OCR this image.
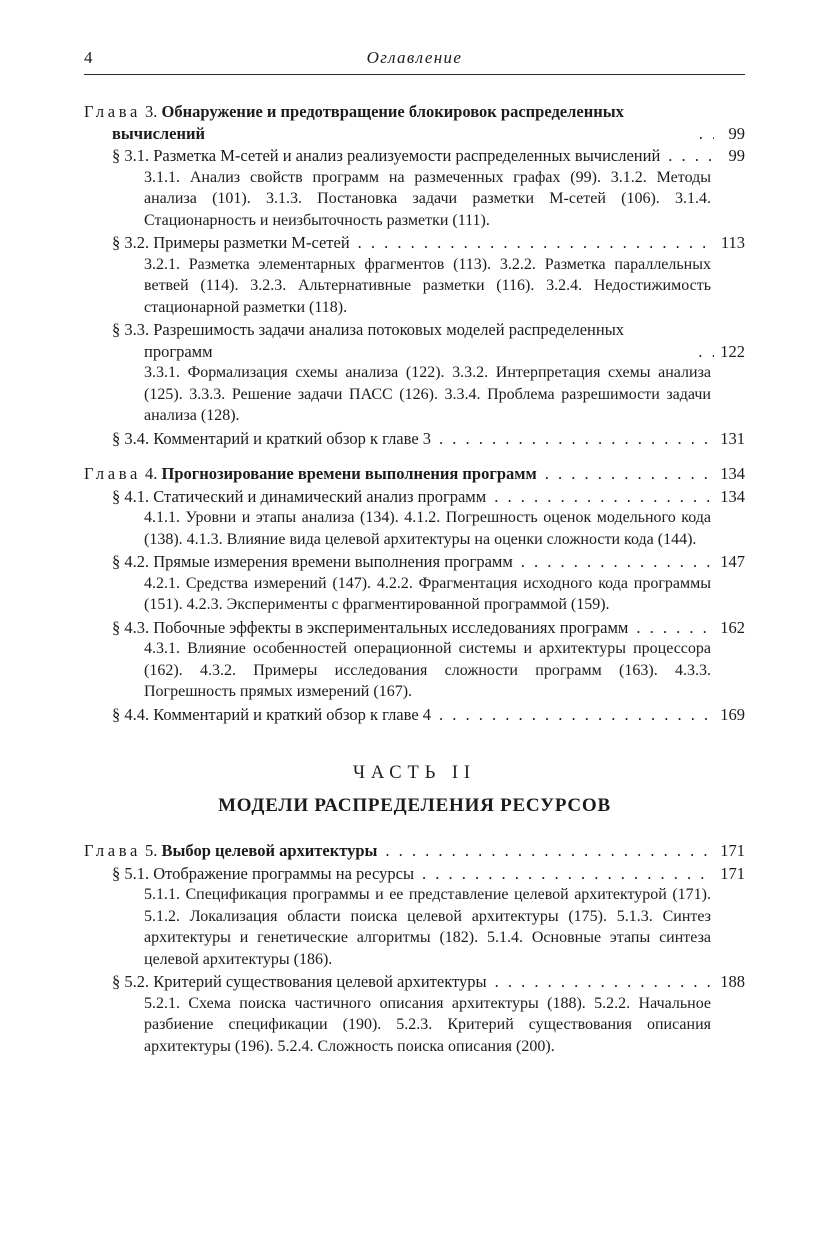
4	Оглавление
Глава 3. Обнаружение и предотвращение блокировок распределенных вычислений . . .	99
§ 3.1. Разметка М-сетей и анализ реализуемости распределенных вычислений . . .	99
3.1.1. Анализ свойств программ на размеченных графах (99). 3.1.2. Методы анализа (101). 3.1.3. Постановка задачи разметки М-сетей (106). 3.1.4. Стационарность и неизбыточность разметки (111).
§ 3.2. Примеры разметки М-сетей . . .	113
3.2.1. Разметка элементарных фрагментов (113). 3.2.2. Разметка параллельных ветвей (114). 3.2.3. Альтернативные разметки (116). 3.2.4. Недостижимость стационарной разметки (118).
§ 3.3. Разрешимость задачи анализа потоковых моделей распределенных программ . . .	122
3.3.1. Формализация схемы анализа (122). 3.3.2. Интерпретация схемы анализа (125). 3.3.3. Решение задачи ПАСС (126). 3.3.4. Проблема разрешимости задачи анализа (128).
§ 3.4. Комментарий и краткий обзор к главе 3 . . .	131
Глава 4. Прогнозирование времени выполнения программ . . .	134
§ 4.1. Статический и динамический анализ программ . . .	134
4.1.1. Уровни и этапы анализа (134). 4.1.2. Погрешность оценок модельного кода (138). 4.1.3. Влияние вида целевой архитектуры на оценки сложности кода (144).
§ 4.2. Прямые измерения времени выполнения программ . . .	147
4.2.1. Средства измерений (147). 4.2.2. Фрагментация исходного кода программы (151). 4.2.3. Эксперименты с фрагментированной программой (159).
§ 4.3. Побочные эффекты в экспериментальных исследованиях программ . . .	162
4.3.1. Влияние особенностей операционной системы и архитектуры процессора (162). 4.3.2. Примеры исследования сложности программ (163). 4.3.3. Погрешность прямых измерений (167).
§ 4.4. Комментарий и краткий обзор к главе 4 . . .	169
ЧАСТЬ II
МОДЕЛИ РАСПРЕДЕЛЕНИЯ РЕСУРСОВ
Глава 5. Выбор целевой архитектуры . . .	171
§ 5.1. Отображение программы на ресурсы . . .	171
5.1.1. Спецификация программы и ее представление целевой архитектурой (171). 5.1.2. Локализация области поиска целевой архитектуры (175). 5.1.3. Синтез архитектуры и генетические алгоритмы (182). 5.1.4. Основные этапы синтеза целевой архитектуры (186).
§ 5.2. Критерий существования целевой архитектуры . . .	188
5.2.1. Схема поиска частичного описания архитектуры (188). 5.2.2. Начальное разбиение спецификации (190). 5.2.3. Критерий существования описания архитектуры (196). 5.2.4. Сложность поиска описания (200).
